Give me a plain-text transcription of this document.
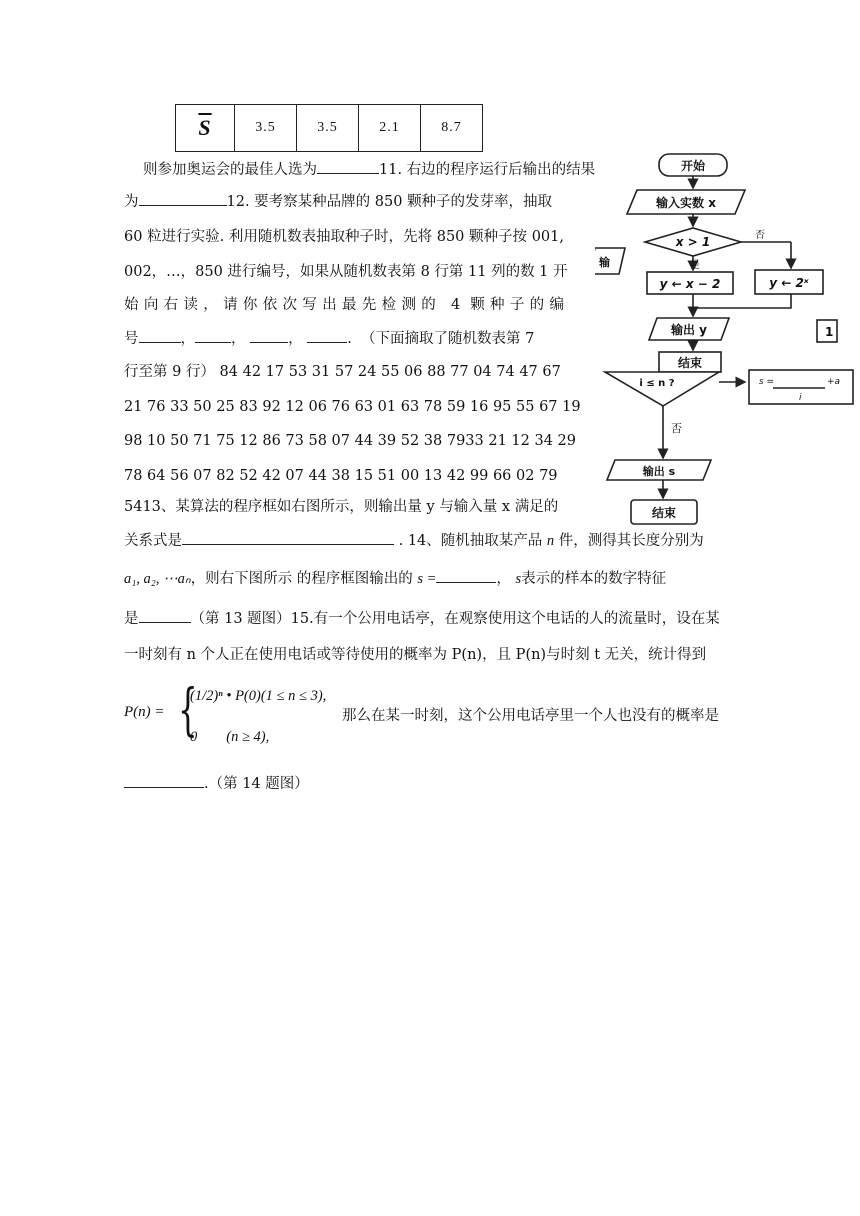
$\overline{S}$	3.5	3.5	2.1	8.7
则参加奥运会的最佳人选为	11. 右边的程序运行后输出的结果
为	12. 要考察某种品牌的 850 颗种子的发芽率，抽取
60 粒进行实验. 利用随机数表抽取种子时，先将 850 颗种子按 001,
002，…，850 进行编号，如果从随机数表第 8 行第 11 列的数 1 开
始向右读，请你依次写出最先检测的 4 颗种子的编
号	， ，	，	. （下面摘取了随机数表第 7
行至第 9 行） 84 42 17 53 31 57 24 55 06 88 77 04 74 47 67
21 76 33 50 25 83 92 12 06 76 63 01 63 78 59 16 95 55 67 19
98 10 50 71 75 12 86 73 58 07 44 39 52 38 7933 21 12 34 29
78 64 56 07 82 52 42 07 44 38 15 51 00 13 42 99 66 02 79
5413、某算法的程序框如右图所示，则输出量 y 与输入量 x 满足的
关系式是	. 14、随机抽取某产品 n 件，测得其长度分别为
a₁, a₂, ⋯aₙ，则右下图所示 的程序框图输出的 s =	， s表示的样本的数字特征
是	（第 13 题图）15.有一个公用电话亭，在观察使用这个电话的人的流量时，设在某
一时刻有 n 个人正在使用电话或等待使用的概率为 P(n)，且 P(n)与时刻 t 无关，统计得到
P(n) = {
(1/2)ⁿ • P(0)(1 ≤ n ≤ 3),
0        (n ≥ 4),
那么在某一时刻，这个公用电话亭里一个人也没有的概率是
.（第 14 题图）
开始
输入实数 x
x > 1
是
否
y ← x − 2	y ← 2ˣ
输出 y
结束
i ≤ n ?	s =	+a
i
否
输出 s
结束
输
1
